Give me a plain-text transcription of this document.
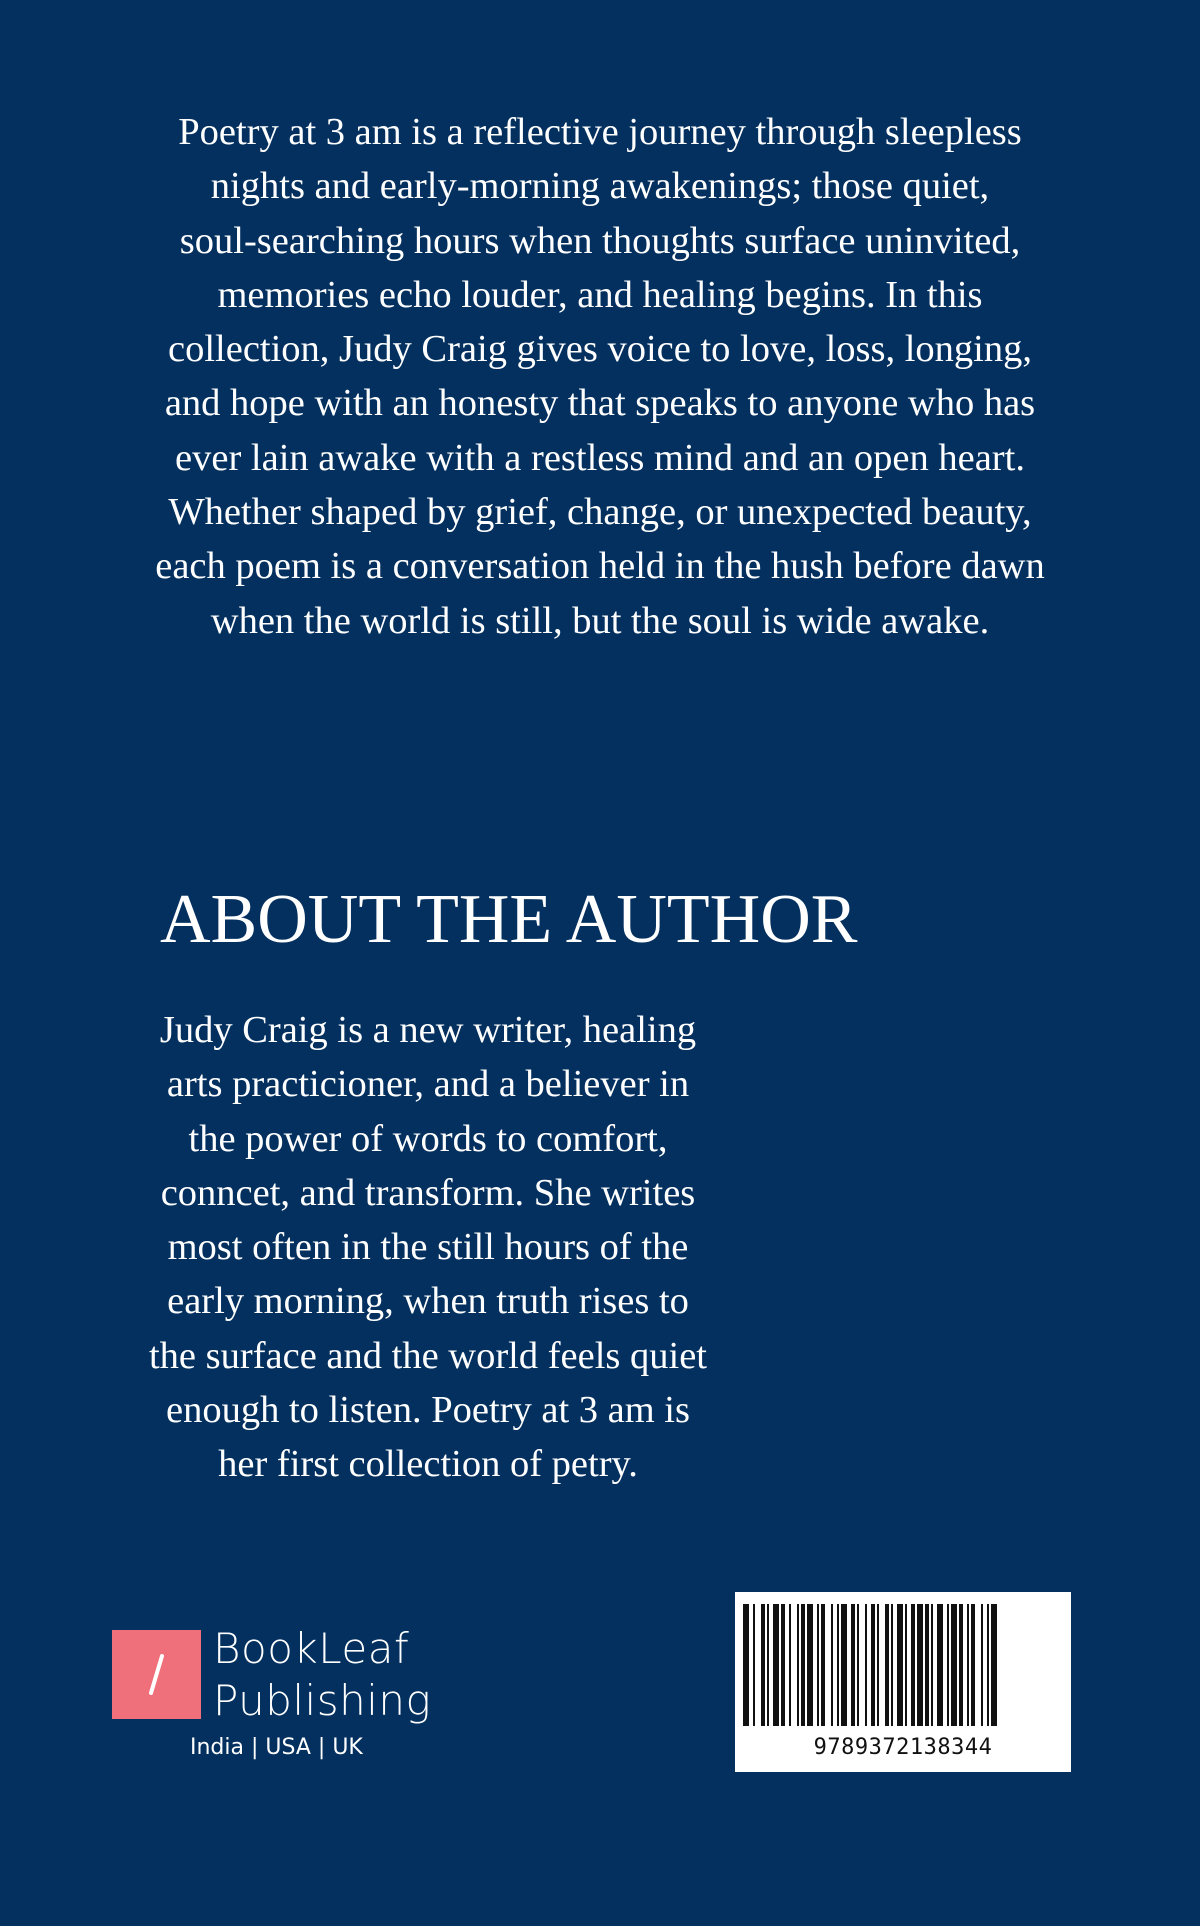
Poetry at 3 am is a reflective journey through sleepless
nights and early-morning awakenings; those quiet,
soul-searching hours when thoughts surface uninvited,
memories echo louder, and healing begins. In this
collection, Judy Craig gives voice to love, loss, longing,
and hope with an honesty that speaks to anyone who has
ever lain awake with a restless mind and an open heart.
Whether shaped by grief, change, or unexpected beauty,
each poem is a conversation held in the hush before dawn
when the world is still, but the soul is wide awake.

ABOUT THE AUTHOR

Judy Craig is a new writer, healing
arts practicioner, and a believer in
the power of words to comfort,
conncet, and transform. She writes
most often in the still hours of the
early morning, when truth rises to
the surface and the world feels quiet
enough to listen. Poetry at 3 am is
her first collection of petry.

BookLeaf
Publishing

India | USA | UK	9789372138344
